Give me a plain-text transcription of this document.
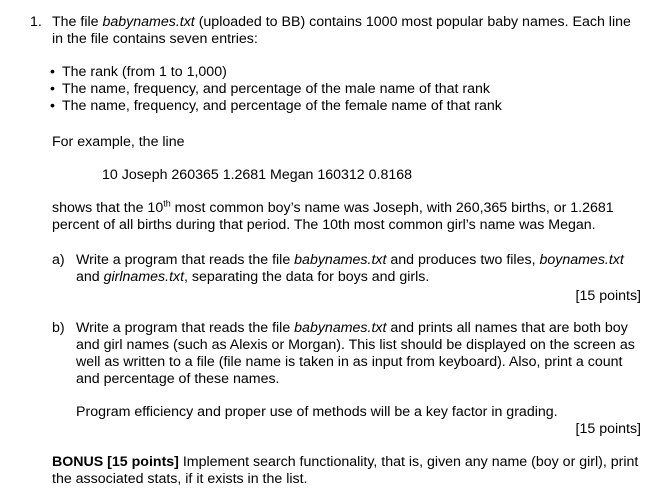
1. The file babynames.txt (uploaded to BB) contains 1000 most popular baby names. Each line in the file contains seven entries:
• The rank (from 1 to 1,000)
• The name, frequency, and percentage of the male name of that rank
• The name, frequency, and percentage of the female name of that rank
For example, the line
10 Joseph 260365 1.2681 Megan 160312 0.8168
shows that the 10th most common boy’s name was Joseph, with 260,365 births, or 1.2681 percent of all births during that period. The 10th most common girl’s name was Megan.
a) Write a program that reads the file babynames.txt and produces two files, boynames.txt and girlnames.txt, separating the data for boys and girls.
[15 points]
b) Write a program that reads the file babynames.txt and prints all names that are both boy and girl names (such as Alexis or Morgan). This list should be displayed on the screen as well as written to a file (file name is taken in as input from keyboard). Also, print a count and percentage of these names.
Program efficiency and proper use of methods will be a key factor in grading.
[15 points]
BONUS [15 points] Implement search functionality, that is, given any name (boy or girl), print the associated stats, if it exists in the list.
